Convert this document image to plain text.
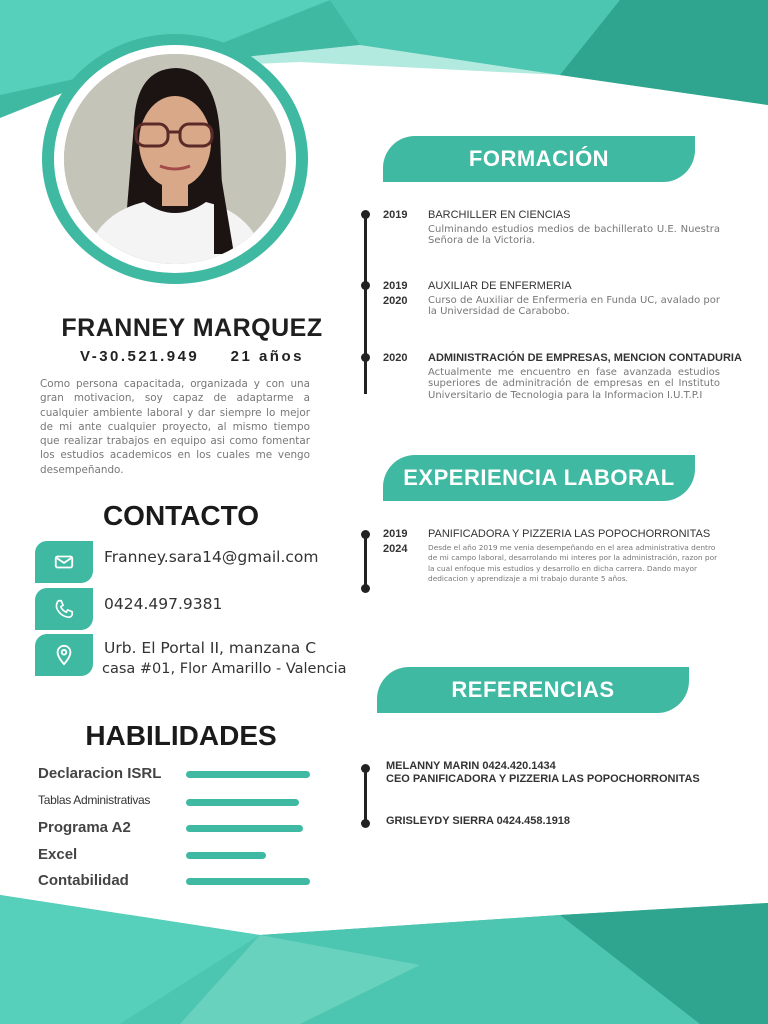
FRANNEY MARQUEZ
V-30.521.949 21 años
Como persona capacitada, organizada y con una gran motivacion, soy capaz de adaptarme a cualquier ambiente laboral y dar siempre lo mejor de mi ante cualquier proyecto, al mismo tiempo que realizar trabajos en equipo asi como fomentar los estudios academicos en los cuales me vengo desempeñando.
CONTACTO
Franney.sara14@gmail.com
0424.497.9381
Urb. El Portal II, manzana C
casa #01, Flor Amarillo - Valencia
HABILIDADES
Declaracion ISRL
Tablas Administrativas
Programa A2
Excel
Contabilidad
FORMACIÓN
2019 BARCHILLER EN CIENCIAS
Culminando estudios medios de bachillerato U.E. Nuestra Señora de la Victoria.
2019
2020
AUXILIAR DE ENFERMERIA
Curso de Auxiliar de Enfermeria en Funda UC, avalado por la Universidad de Carabobo.
2020 ADMINISTRACIÓN DE EMPRESAS, MENCION CONTADURIA
Actualmente me encuentro en fase avanzada estudios superiores de adminitración de empresas en el Instituto Universitario de Tecnologia para la Informacion I.U.T.P.I
EXPERIENCIA LABORAL
2019
2024
PANIFICADORA Y PIZZERIA LAS POPOCHORRONITAS
Desde el año 2019 me venia desempeñando en el area administrativa dentro de mi campo laboral, desarrolando mi interes por la administración, razon por la cual enfoque mis estudios y desarrollo en dicha carrera. Dando mayor dedicacion y aprendizaje a mi trabajo durante 5 años.
REFERENCIAS
MELANNY MARIN 0424.420.1434
CEO PANIFICADORA Y PIZZERIA LAS POPOCHORRONITAS
GRISLEYDY SIERRA 0424.458.1918
